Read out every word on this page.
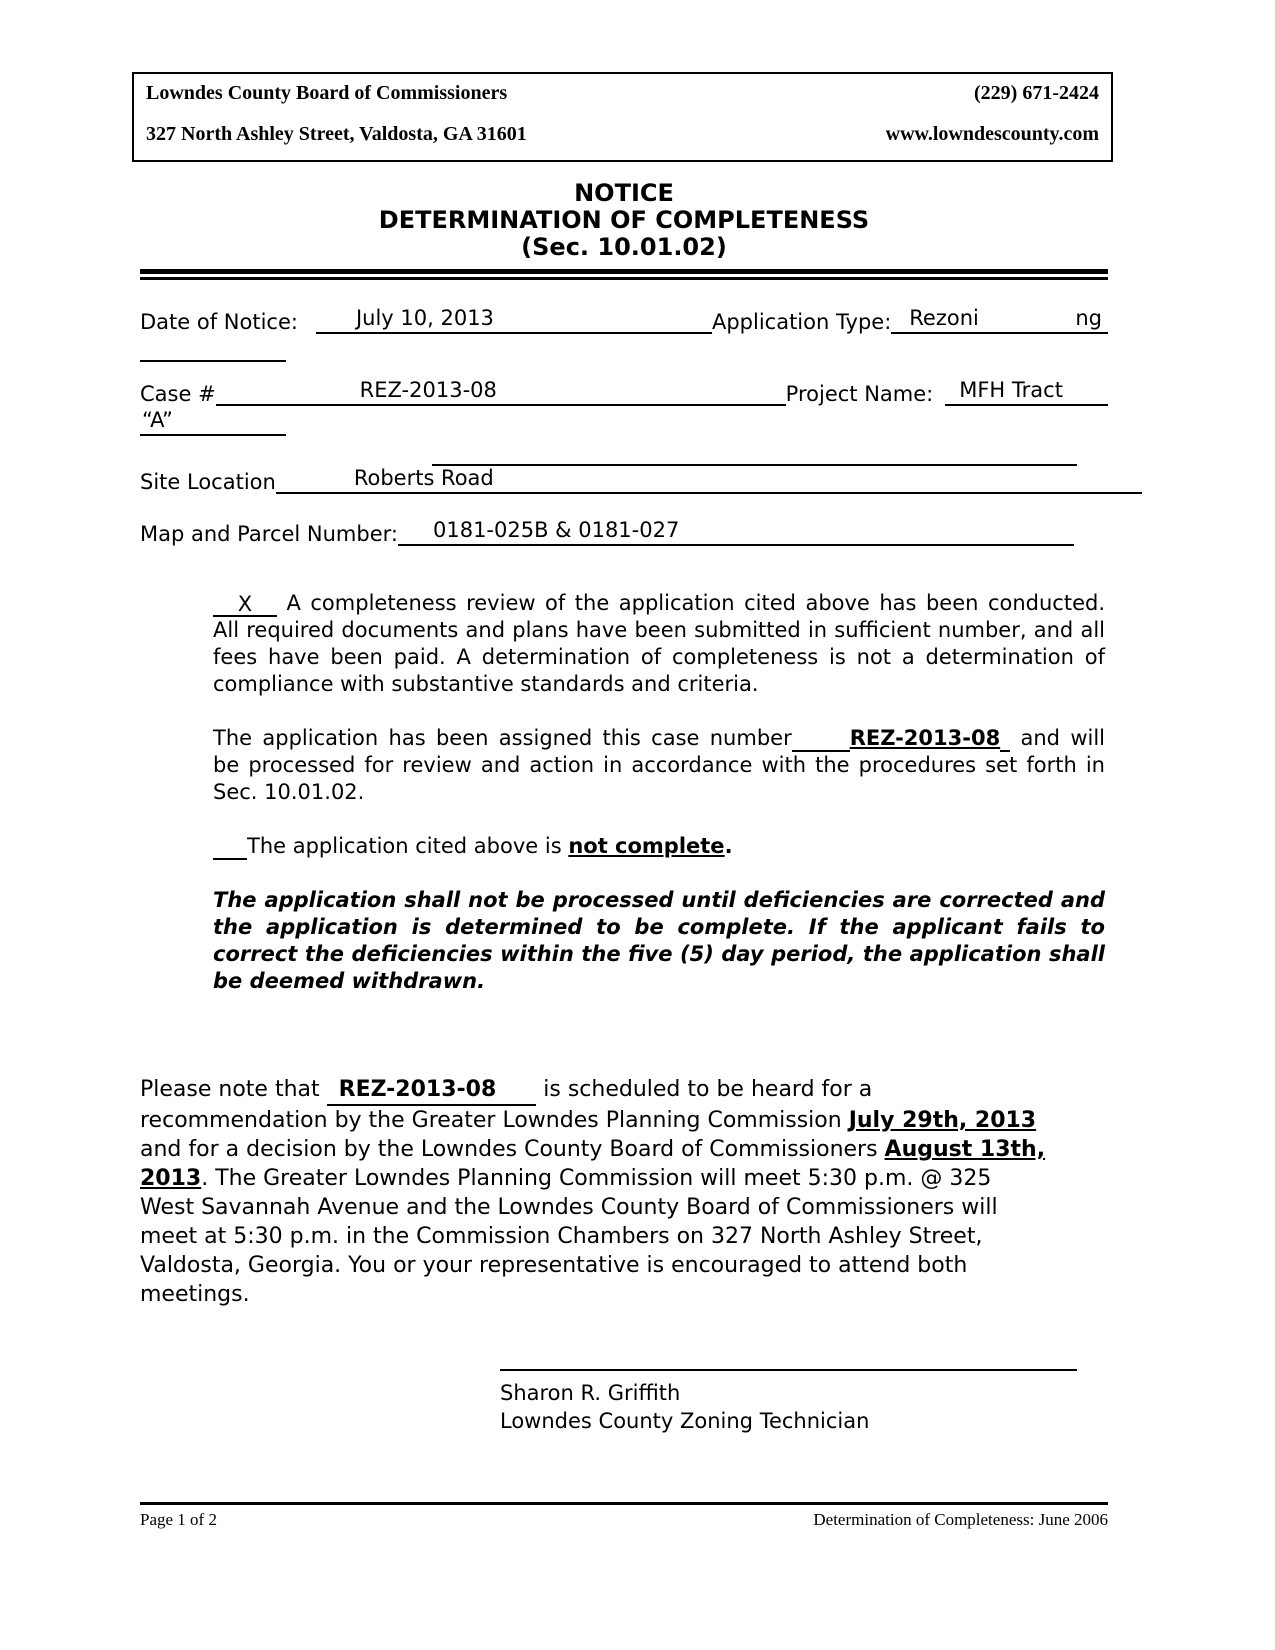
Lowndes County Board of Commissioners	(229) 671-2424
327 North Ashley Street, Valdosta, GA 31601	www.lowndescounty.com
NOTICE
DETERMINATION OF COMPLETENESS
(Sec. 10.01.02)
Date of Notice:	July 10, 2013	Application Type: Rezoni	ng
Case #	REZ-2013-08	Project Name:	MFH Tract
“A”
Site Location	Roberts Road
Map and Parcel Number:	0181-025B & 0181-027

X A completeness review of the application cited above has been conducted. All required documents and plans have been submitted in sufficient number, and all fees have been paid. A determination of completeness is not a determination of compliance with substantive standards and criteria.

The application has been assigned this case number	REZ-2013-08 and will be processed for review and action in accordance with the procedures set forth in Sec. 10.01.02.

The application cited above is not complete.

The application shall not be processed until deficiencies are corrected and the application is determined to be complete. If the applicant fails to correct the deficiencies within the five (5) day period, the application shall be deemed withdrawn.

Please note that REZ-2013-08 is scheduled to be heard for a recommendation by the Greater Lowndes Planning Commission July 29th, 2013 and for a decision by the Lowndes County Board of Commissioners August 13th, 2013. The Greater Lowndes Planning Commission will meet 5:30 p.m. @ 325 West Savannah Avenue and the Lowndes County Board of Commissioners will meet at 5:30 p.m. in the Commission Chambers on 327 North Ashley Street, Valdosta, Georgia. You or your representative is encouraged to attend both meetings.

Sharon R. Griffith
Lowndes County Zoning Technician
Page 1 of 2	Determination of Completeness: June 2006
